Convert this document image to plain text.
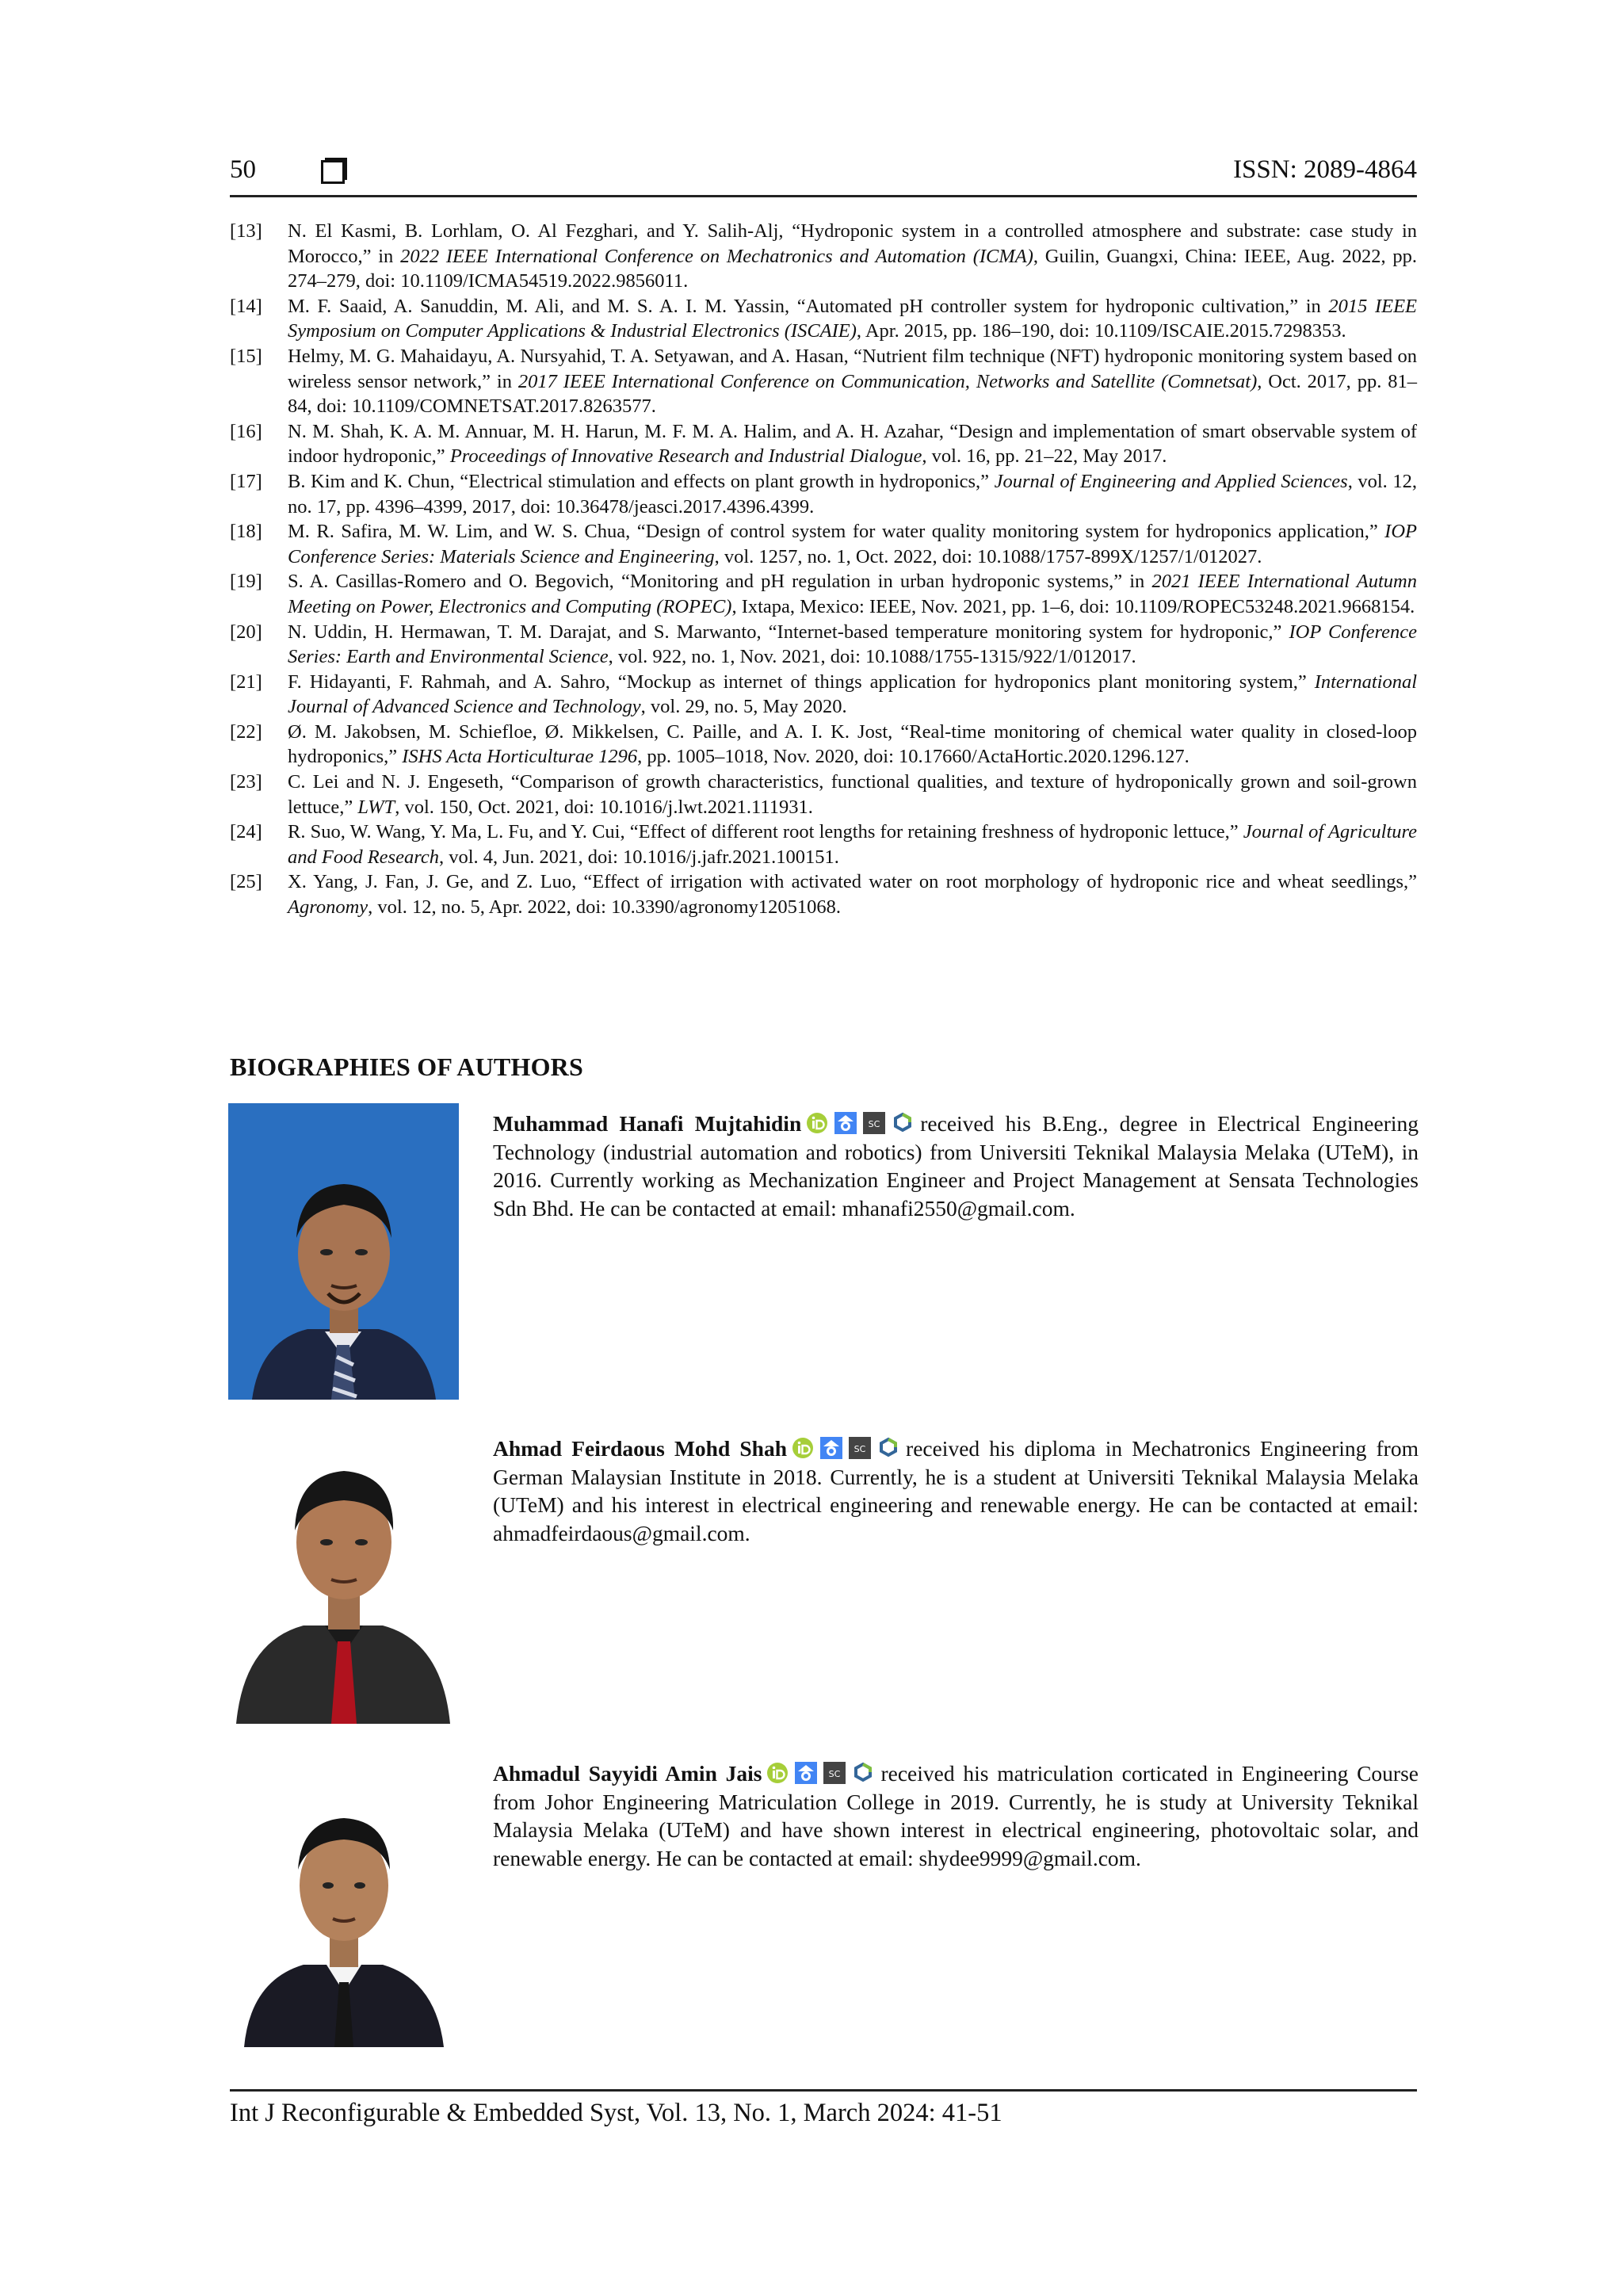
50	ISSN: 2089-4864
[13] N. El Kasmi, B. Lorhlam, O. Al Fezghari, and Y. Salih-Alj, “Hydroponic system in a controlled atmosphere and substrate: case study in Morocco,” in 2022 IEEE International Conference on Mechatronics and Automation (ICMA), Guilin, Guangxi, China: IEEE, Aug. 2022, pp. 274–279, doi: 10.1109/ICMA54519.2022.9856011.
[14] M. F. Saaid, A. Sanuddin, M. Ali, and M. S. A. I. M. Yassin, “Automated pH controller system for hydroponic cultivation,” in 2015 IEEE Symposium on Computer Applications & Industrial Electronics (ISCAIE), Apr. 2015, pp. 186–190, doi: 10.1109/ISCAIE.2015.7298353.
[15] Helmy, M. G. Mahaidayu, A. Nursyahid, T. A. Setyawan, and A. Hasan, “Nutrient film technique (NFT) hydroponic monitoring system based on wireless sensor network,” in 2017 IEEE International Conference on Communication, Networks and Satellite (Comnetsat), Oct. 2017, pp. 81–84, doi: 10.1109/COMNETSAT.2017.8263577.
[16] N. M. Shah, K. A. M. Annuar, M. H. Harun, M. F. M. A. Halim, and A. H. Azahar, “Design and implementation of smart observable system of indoor hydroponic,” Proceedings of Innovative Research and Industrial Dialogue, vol. 16, pp. 21–22, May 2017.
[17] B. Kim and K. Chun, “Electrical stimulation and effects on plant growth in hydroponics,” Journal of Engineering and Applied Sciences, vol. 12, no. 17, pp. 4396–4399, 2017, doi: 10.36478/jeasci.2017.4396.4399.
[18] M. R. Safira, M. W. Lim, and W. S. Chua, “Design of control system for water quality monitoring system for hydroponics application,” IOP Conference Series: Materials Science and Engineering, vol. 1257, no. 1, Oct. 2022, doi: 10.1088/1757-899X/1257/1/012027.
[19] S. A. Casillas-Romero and O. Begovich, “Monitoring and pH regulation in urban hydroponic systems,” in 2021 IEEE International Autumn Meeting on Power, Electronics and Computing (ROPEC), Ixtapa, Mexico: IEEE, Nov. 2021, pp. 1–6, doi: 10.1109/ROPEC53248.2021.9668154.
[20] N. Uddin, H. Hermawan, T. M. Darajat, and S. Marwanto, “Internet-based temperature monitoring system for hydroponic,” IOP Conference Series: Earth and Environmental Science, vol. 922, no. 1, Nov. 2021, doi: 10.1088/1755-1315/922/1/012017.
[21] F. Hidayanti, F. Rahmah, and A. Sahro, “Mockup as internet of things application for hydroponics plant monitoring system,” International Journal of Advanced Science and Technology, vol. 29, no. 5, May 2020.
[22] Ø. M. Jakobsen, M. Schiefloe, Ø. Mikkelsen, C. Paille, and A. I. K. Jost, “Real-time monitoring of chemical water quality in closed-loop hydroponics,” ISHS Acta Horticulturae 1296, pp. 1005–1018, Nov. 2020, doi: 10.17660/ActaHortic.2020.1296.127.
[23] C. Lei and N. J. Engeseth, “Comparison of growth characteristics, functional qualities, and texture of hydroponically grown and soil-grown lettuce,” LWT, vol. 150, Oct. 2021, doi: 10.1016/j.lwt.2021.111931.
[24] R. Suo, W. Wang, Y. Ma, L. Fu, and Y. Cui, “Effect of different root lengths for retaining freshness of hydroponic lettuce,” Journal of Agriculture and Food Research, vol. 4, Jun. 2021, doi: 10.1016/j.jafr.2021.100151.
[25] X. Yang, J. Fan, J. Ge, and Z. Luo, “Effect of irrigation with activated water on root morphology of hydroponic rice and wheat seedlings,” Agronomy, vol. 12, no. 5, Apr. 2022, doi: 10.3390/agronomy12051068.
BIOGRAPHIES OF AUTHORS
Muhammad Hanafi Mujtahidin	SC received his B.Eng., degree in Electrical Engineering Technology (industrial automation and robotics) from Universiti Teknikal Malaysia Melaka (UTeM), in 2016. Currently working as Mechanization Engineer and Project Management at Sensata Technologies Sdn Bhd. He can be contacted at email: mhanafi2550@gmail.com.
Ahmad Feirdaous Mohd Shah	SC received his diploma in Mechatronics Engineering from German Malaysian Institute in 2018. Currently, he is a student at Universiti Teknikal Malaysia Melaka (UTeM) and his interest in electrical engineering and renewable energy. He can be contacted at email: ahmadfeirdaous@gmail.com.
Ahmadul Sayyidi Amin Jais	SC received his matriculation corticated in Engineering Course from Johor Engineering Matriculation College in 2019. Currently, he is study at University Teknikal Malaysia Melaka (UTeM) and have shown interest in electrical engineering, photovoltaic solar, and renewable energy. He can be contacted at email: shydee9999@gmail.com.
Int J Reconfigurable & Embedded Syst, Vol. 13, No. 1, March 2024: 41-51
